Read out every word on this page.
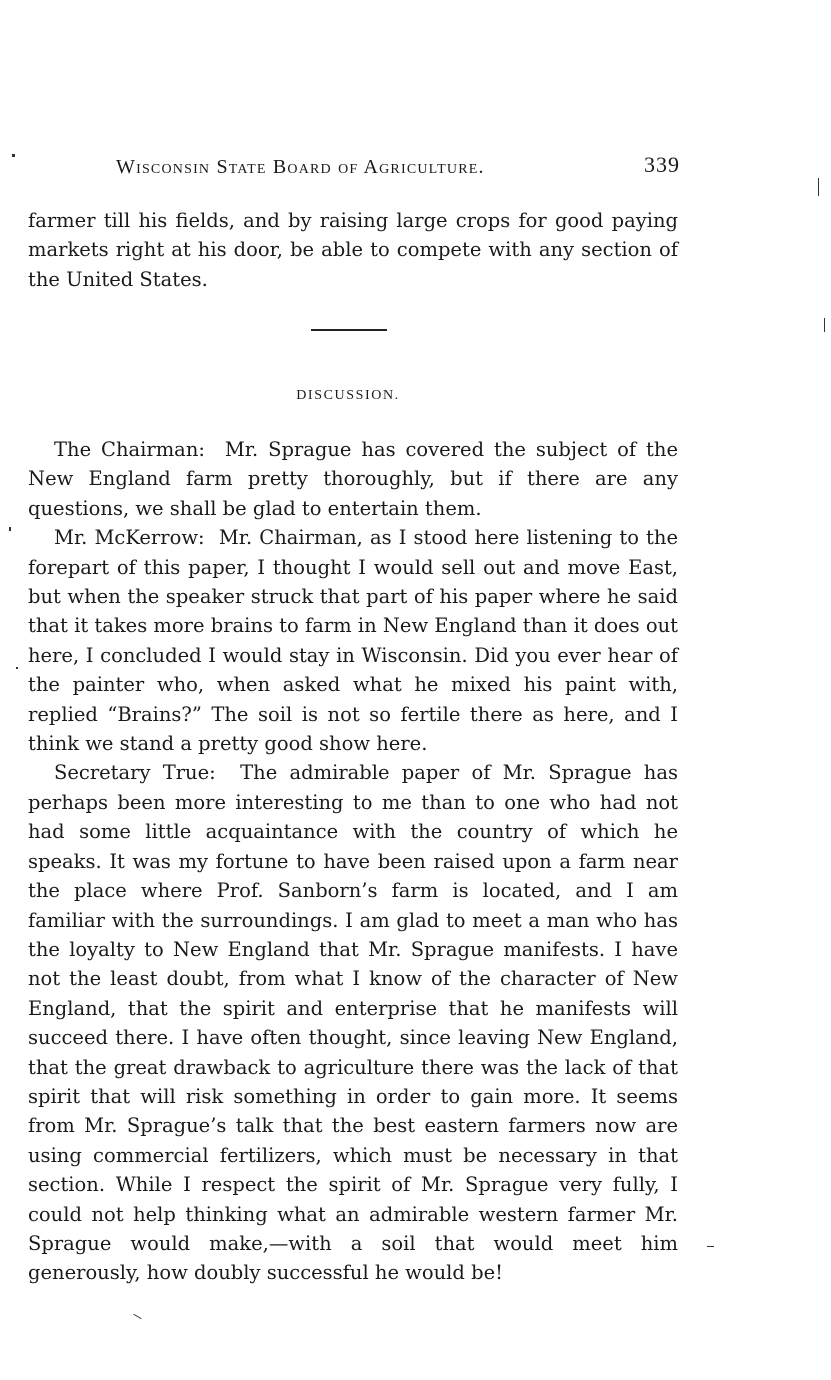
Wisconsin State Board of Agriculture.	339

farmer till his fields, and by raising large crops for good paying markets right at his door, be able to compete with any section of the United States.

DISCUSSION.

The Chairman: Mr. Sprague has covered the subject of the New England farm pretty thoroughly, but if there are any questions, we shall be glad to entertain them.

Mr. McKerrow: Mr. Chairman, as I stood here listening to the forepart of this paper, I thought I would sell out and move East, but when the speaker struck that part of his paper where he said that it takes more brains to farm in New England than it does out here, I concluded I would stay in Wisconsin. Did you ever hear of the painter who, when asked what he mixed his paint with, replied “Brains?” The soil is not so fertile there as here, and I think we stand a pretty good show here.

Secretary True: The admirable paper of Mr. Sprague has perhaps been more interesting to me than to one who had not had some little acquaintance with the country of which he speaks. It was my fortune to have been raised upon a farm near the place where Prof. Sanborn’s farm is located, and I am familiar with the surroundings. I am glad to meet a man who has the loyalty to New England that Mr. Sprague manifests. I have not the least doubt, from what I know of the character of New England, that the spirit and enterprise that he manifests will succeed there. I have often thought, since leaving New England, that the great drawback to agriculture there was the lack of that spirit that will risk something in order to gain more. It seems from Mr. Sprague’s talk that the best eastern farmers now are using commercial fertilizers, which must be necessary in that section. While I respect the spirit of Mr. Sprague very fully, I could not help thinking what an admirable western farmer Mr. Sprague would make,—with a soil that would meet him generously, how doubly successful he would be!
